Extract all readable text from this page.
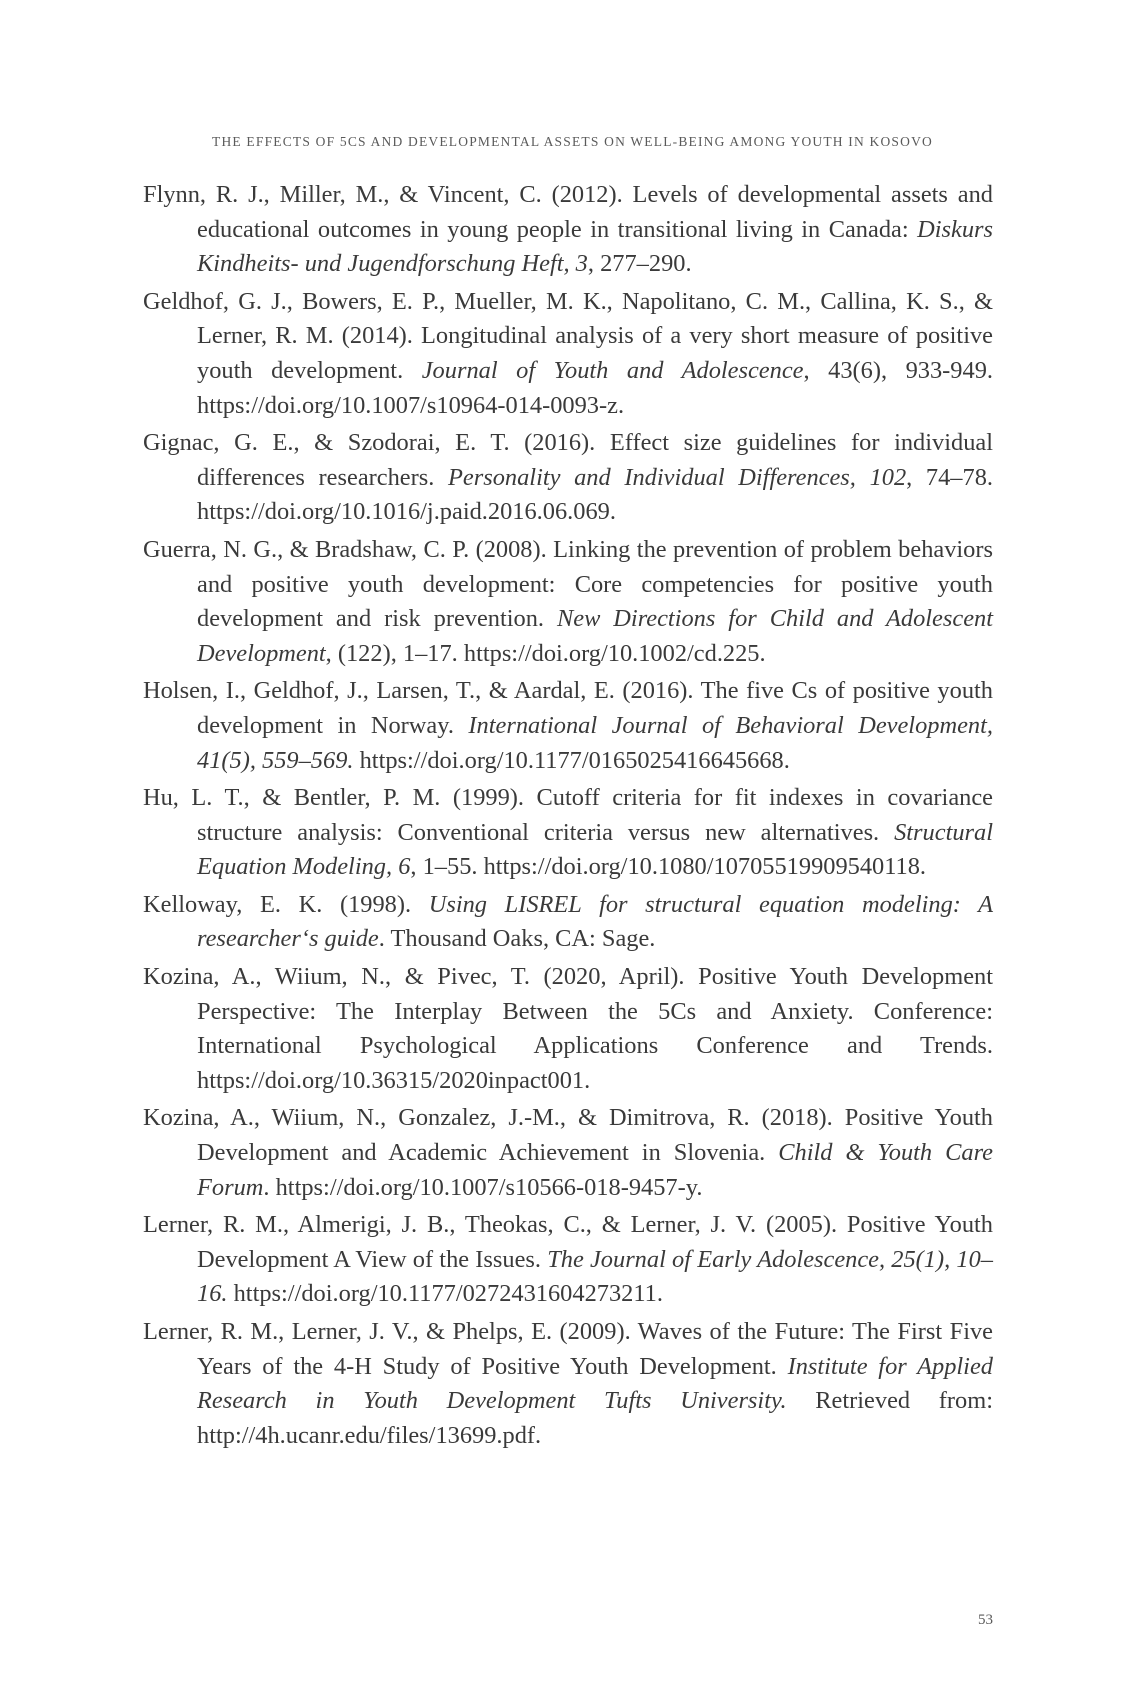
THE EFFECTS OF 5CS AND DEVELOPMENTAL ASSETS ON WELL-BEING AMONG YOUTH IN KOSOVO

Flynn, R. J., Miller, M., & Vincent, C. (2012). Levels of developmental assets and educational outcomes in young people in transitional living in Canada: Diskurs Kindheits- und Jugendforschung Heft, 3, 277–290.

Geldhof, G. J., Bowers, E. P., Mueller, M. K., Napolitano, C. M., Callina, K. S., & Lerner, R. M. (2014). Longitudinal analysis of a very short measure of positive youth development. Journal of Youth and Adolescence, 43(6), 933-949. https://doi.org/10.1007/s10964-014-0093-z.

Gignac, G. E., & Szodorai, E. T. (2016). Effect size guidelines for individual differences researchers. Personality and Individual Differences, 102, 74–78. https://doi.org/10.1016/j.paid.2016.06.069.

Guerra, N. G., & Bradshaw, C. P. (2008). Linking the prevention of problem behaviors and positive youth development: Core competencies for positive youth development and risk prevention. New Directions for Child and Adolescent Development, (122), 1–17. https://doi.org/10.1002/cd.225.

Holsen, I., Geldhof, J., Larsen, T., & Aardal, E. (2016). The five Cs of positive youth development in Norway. International Journal of Behavioral Development, 41(5), 559–569. https://doi.org/10.1177/0165025416645668.

Hu, L. T., & Bentler, P. M. (1999). Cutoff criteria for fit indexes in covariance structure analysis: Conventional criteria versus new alternatives. Structural Equation Modeling, 6, 1–55. https://doi.org/10.1080/10705519909540118.

Kelloway, E. K. (1998). Using LISREL for structural equation modeling: A researcher‘s guide. Thousand Oaks, CA: Sage.

Kozina, A., Wiium, N., & Pivec, T. (2020, April). Positive Youth Development Perspective: The Interplay Between the 5Cs and Anxiety. Conference: International Psychological Applications Conference and Trends. https://doi.org/10.36315/2020inpact001.

Kozina, A., Wiium, N., Gonzalez, J.-M., & Dimitrova, R. (2018). Positive Youth Development and Academic Achievement in Slovenia. Child & Youth Care Forum. https://doi.org/10.1007/s10566-018-9457-y.

Lerner, R. M., Almerigi, J. B., Theokas, C., & Lerner, J. V. (2005). Positive Youth Development A View of the Issues. The Journal of Early Adolescence, 25(1), 10–16. https://doi.org/10.1177/0272431604273211.

Lerner, R. M., Lerner, J. V., & Phelps, E. (2009). Waves of the Future: The First Five Years of the 4-H Study of Positive Youth Development. Institute for Applied Research in Youth Development Tufts University. Retrieved from: http://4h.ucanr.edu/files/13699.pdf.

53
